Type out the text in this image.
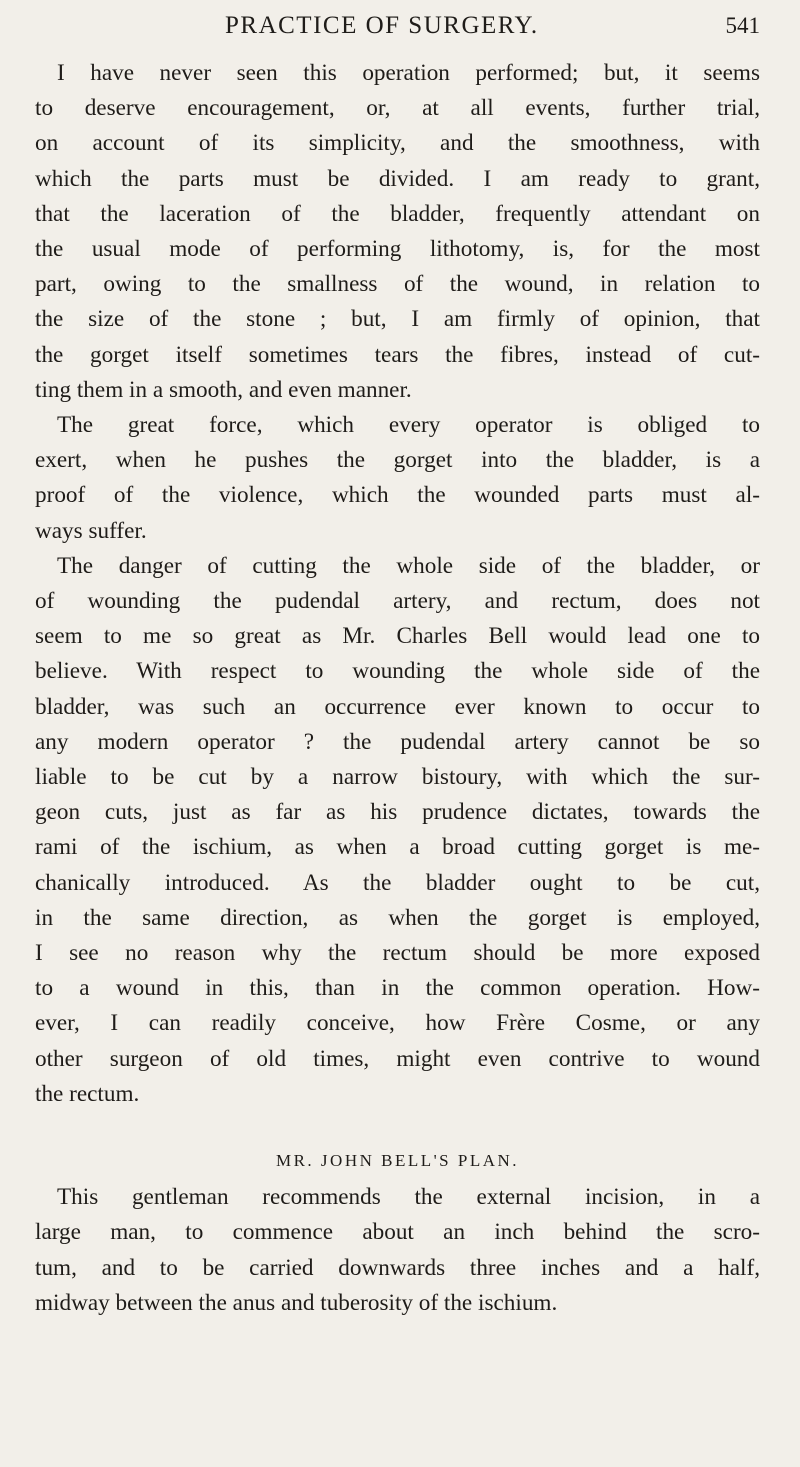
PRACTICE OF SURGERY.	541

I have never seen this operation performed; but, it seems
to deserve encouragement, or, at all events, further trial,
on account of its simplicity, and the smoothness, with
which the parts must be divided. I am ready to grant,
that the laceration of the bladder, frequently attendant on
the usual mode of performing lithotomy, is, for the most
part, owing to the smallness of the wound, in relation to
the size of the stone ; but, I am firmly of opinion, that
the gorget itself sometimes tears the fibres, instead of cut-
ting them in a smooth, and even manner.

The great force, which every operator is obliged to
exert, when he pushes the gorget into the bladder, is a
proof of the violence, which the wounded parts must al-
ways suffer.

The danger of cutting the whole side of the bladder, or
of wounding the pudendal artery, and rectum, does not
seem to me so great as Mr. Charles Bell would lead one to
believe. With respect to wounding the whole side of the
bladder, was such an occurrence ever known to occur to
any modern operator ? the pudendal artery cannot be so
liable to be cut by a narrow bistoury, with which the sur-
geon cuts, just as far as his prudence dictates, towards the
rami of the ischium, as when a broad cutting gorget is me-
chanically introduced. As the bladder ought to be cut,
in the same direction, as when the gorget is employed,
I see no reason why the rectum should be more exposed
to a wound in this, than in the common operation. How-
ever, I can readily conceive, how Frère Cosme, or any
other surgeon of old times, might even contrive to wound
the rectum.

MR. JOHN BELL'S PLAN.

This gentleman recommends the external incision, in a
large man, to commence about an inch behind the scro-
tum, and to be carried downwards three inches and a half,
midway between the anus and tuberosity of the ischium.
